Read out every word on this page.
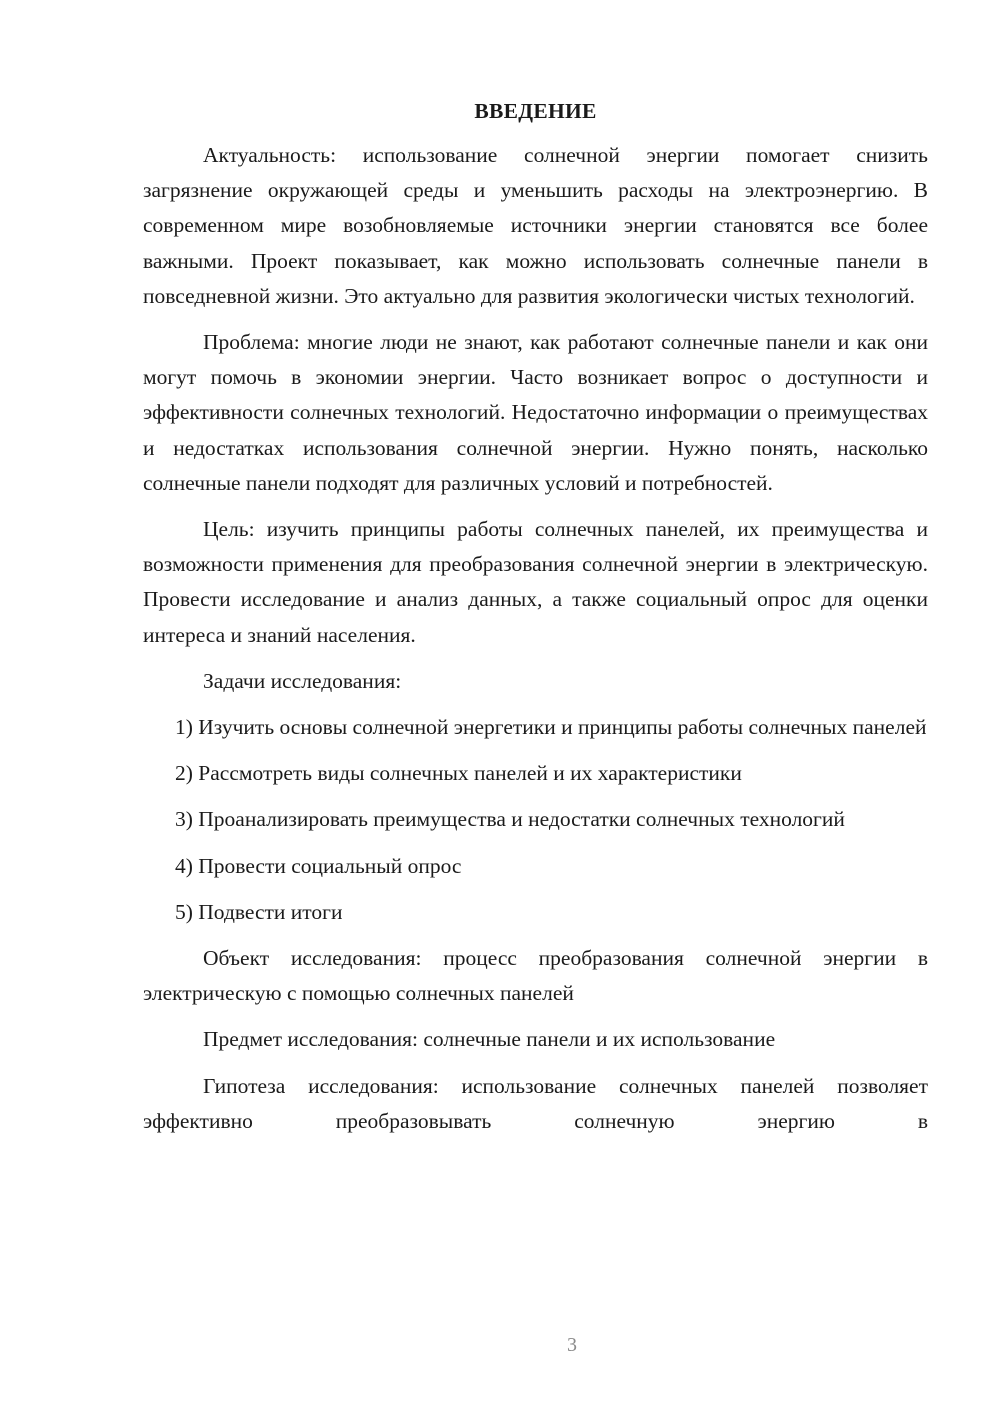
ВВЕДЕНИЕ

Актуальность: использование солнечной энергии помогает снизить загрязнение окружающей среды и уменьшить расходы на электроэнергию. В современном мире возобновляемые источники энергии становятся все более важными. Проект показывает, как можно использовать солнечные панели в повседневной жизни. Это актуально для развития экологически чистых технологий.

Проблема: многие люди не знают, как работают солнечные панели и как они могут помочь в экономии энергии. Часто возникает вопрос о доступности и эффективности солнечных технологий. Недостаточно информации о преимуществах и недостатках использования солнечной энергии. Нужно понять, насколько солнечные панели подходят для различных условий и потребностей.

Цель: изучить принципы работы солнечных панелей, их преимущества и возможности применения для преобразования солнечной энергии в электрическую. Провести исследование и анализ данных, а также социальный опрос для оценки интереса и знаний населения.

Задачи исследования:

1) Изучить основы солнечной энергетики и принципы работы солнечных панелей

2) Рассмотреть виды солнечных панелей и их характеристики

3) Проанализировать преимущества и недостатки солнечных технологий

4) Провести социальный опрос

5) Подвести итоги

Объект исследования: процесс преобразования солнечной энергии в электрическую с помощью солнечных панелей

Предмет исследования: солнечные панели и их использование

Гипотеза исследования: использование солнечных панелей позволяет эффективно преобразовывать солнечную энергию в

3
